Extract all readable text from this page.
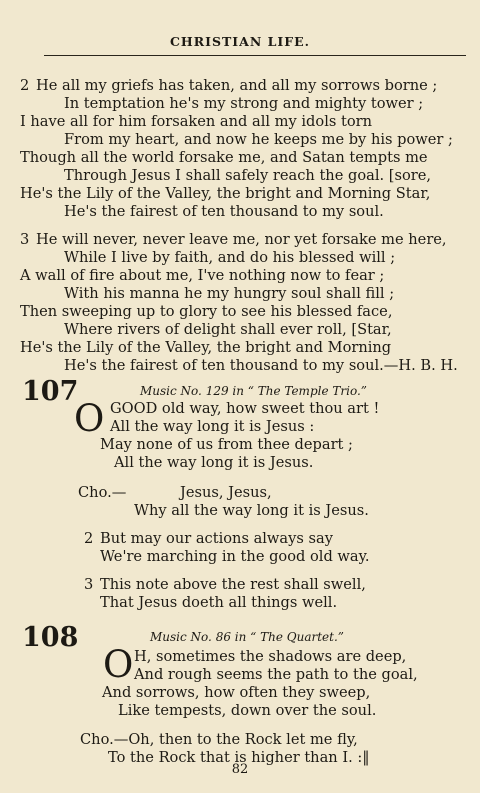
CHRISTIAN LIFE.
2 He all my griefs has taken, and all my sorrows borne ;
In temptation he's my strong and mighty tower ;
I have all for him forsaken and all my idols torn
From my heart, and now he keeps me by his power ;
Though all the world forsake me, and Satan tempts me
Through Jesus I shall safely reach the goal. [sore,
He's the Lily of the Valley, the bright and Morning Star,
He's the fairest of ten thousand to my soul.
3 He will never, never leave me, nor yet forsake me here,
While I live by faith, and do his blessed will ;
A wall of fire about me, I've nothing now to fear ;
With his manna he my hungry soul shall fill ;
Then sweeping up to glory to see his blessed face,
Where rivers of delight shall ever roll, [Star,
He's the Lily of the Valley, the bright and Morning
He's the fairest of ten thousand to my soul.—H. B. H.
107	Music No. 129 in “ The Temple Trio.”
O GOOD old way, how sweet thou art !
All the way long it is Jesus :
May none of us from thee depart ;
All the way long it is Jesus.
Cho.—	Jesus, Jesus,
Why all the way long it is Jesus.
2 But may our actions always say
We're marching in the good old way.
3 This note above the rest shall swell,
That Jesus doeth all things well.
108	Music No. 86 in “ The Quartet.”
O H, sometimes the shadows are deep,
And rough seems the path to the goal,
And sorrows, how often they sweep,
Like tempests, down over the soul.
Cho.—Oh, then to the Rock let me fly,
To the Rock that is higher than I. :‖
82
